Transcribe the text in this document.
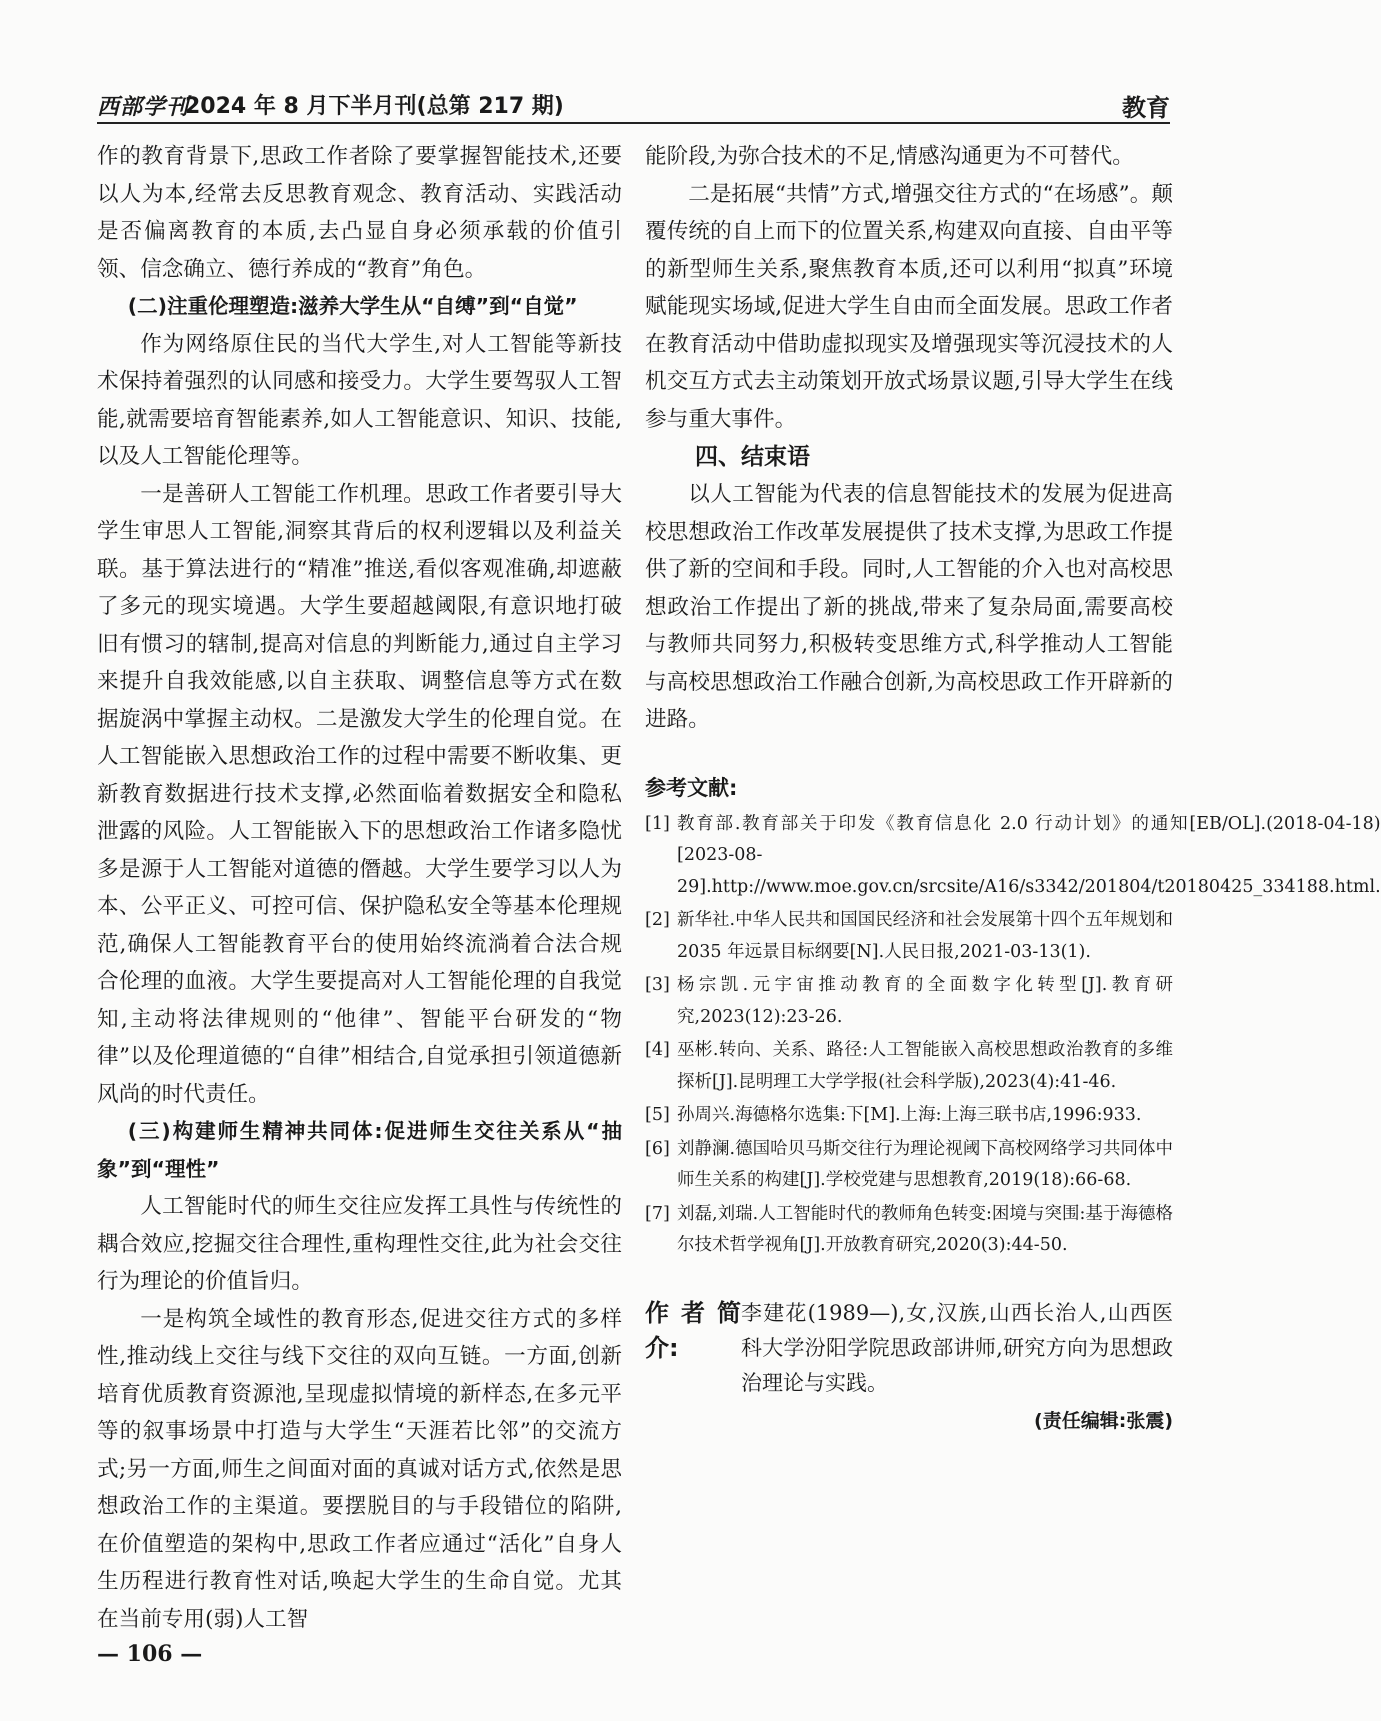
西部学刊
2024 年 8 月下半月刊(总第 217 期)	教育

作的教育背景下,思政工作者除了要掌握智能技术,还要以人为本,经常去反思教育观念、教育活动、实践活动是否偏离教育的本质,去凸显自身必须承载的价值引领、信念确立、德行养成的“教育”角色。

(二)注重伦理塑造:滋养大学生从“自缚”到“自觉”

作为网络原住民的当代大学生,对人工智能等新技术保持着强烈的认同感和接受力。大学生要驾驭人工智能,就需要培育智能素养,如人工智能意识、知识、技能,以及人工智能伦理等。

一是善研人工智能工作机理。思政工作者要引导大学生审思人工智能,洞察其背后的权利逻辑以及利益关联。基于算法进行的“精准”推送,看似客观准确,却遮蔽了多元的现实境遇。大学生要超越阈限,有意识地打破旧有惯习的辖制,提高对信息的判断能力,通过自主学习来提升自我效能感,以自主获取、调整信息等方式在数据旋涡中掌握主动权。二是激发大学生的伦理自觉。在人工智能嵌入思想政治工作的过程中需要不断收集、更新教育数据进行技术支撑,必然面临着数据安全和隐私泄露的风险。人工智能嵌入下的思想政治工作诸多隐忧多是源于人工智能对道德的僭越。大学生要学习以人为本、公平正义、可控可信、保护隐私安全等基本伦理规范,确保人工智能教育平台的使用始终流淌着合法合规合伦理的血液。大学生要提高对人工智能伦理的自我觉知,主动将法律规则的“他律”、智能平台研发的“物律”以及伦理道德的“自律”相结合,自觉承担引领道德新风尚的时代责任。

(三)构建师生精神共同体:促进师生交往关系从“抽象”到“理性”

人工智能时代的师生交往应发挥工具性与传统性的耦合效应,挖掘交往合理性,重构理性交往,此为社会交往行为理论的价值旨归。

一是构筑全域性的教育形态,促进交往方式的多样性,推动线上交往与线下交往的双向互链。一方面,创新培育优质教育资源池,呈现虚拟情境的新样态,在多元平等的叙事场景中打造与大学生“天涯若比邻”的交流方式;另一方面,师生之间面对面的真诚对话方式,依然是思想政治工作的主渠道。要摆脱目的与手段错位的陷阱,在价值塑造的架构中,思政工作者应通过“活化”自身人生历程进行教育性对话,唤起大学生的生命自觉。尤其在当前专用(弱)人工智

能阶段,为弥合技术的不足,情感沟通更为不可替代。

二是拓展“共情”方式,增强交往方式的“在场感”。颠覆传统的自上而下的位置关系,构建双向直接、自由平等的新型师生关系,聚焦教育本质,还可以利用“拟真”环境赋能现实场域,促进大学生自由而全面发展。思政工作者在教育活动中借助虚拟现实及增强现实等沉浸技术的人机交互方式去主动策划开放式场景议题,引导大学生在线参与重大事件。

四、结束语

以人工智能为代表的信息智能技术的发展为促进高校思想政治工作改革发展提供了技术支撑,为思政工作提供了新的空间和手段。同时,人工智能的介入也对高校思想政治工作提出了新的挑战,带来了复杂局面,需要高校与教师共同努力,积极转变思维方式,科学推动人工智能与高校思想政治工作融合创新,为高校思政工作开辟新的进路。

参考文献:
[1] 教育部.教育部关于印发《教育信息化 2.0 行动计划》的通知[EB/OL].(2018-04-18)[2023-08-29].http://www.moe.gov.cn/srcsite/A16/s3342/201804/t20180425_334188.html.
[2] 新华社.中华人民共和国国民经济和社会发展第十四个五年规划和 2035 年远景目标纲要[N].人民日报,2021-03-13(1).
[3] 杨宗凯.元宇宙推动教育的全面数字化转型[J].教育研究,2023(12):23-26.
[4] 巫彬.转向、关系、路径:人工智能嵌入高校思想政治教育的多维探析[J].昆明理工大学学报(社会科学版),2023(4):41-46.
[5] 孙周兴.海德格尔选集:下[M].上海:上海三联书店,1996:933.
[6] 刘静澜.德国哈贝马斯交往行为理论视阈下高校网络学习共同体中师生关系的构建[J].学校党建与思想教育,2019(18):66-68.
[7] 刘磊,刘瑞.人工智能时代的教师角色转变:困境与突围:基于海德格尔技术哲学视角[J].开放教育研究,2020(3):44-50.
作者简介:
李建花(1989—),女,汉族,山西长治人,山西医科大学汾阳学院思政部讲师,研究方向为思想政治理论与实践。
(责任编辑:张震)
— 106 —
